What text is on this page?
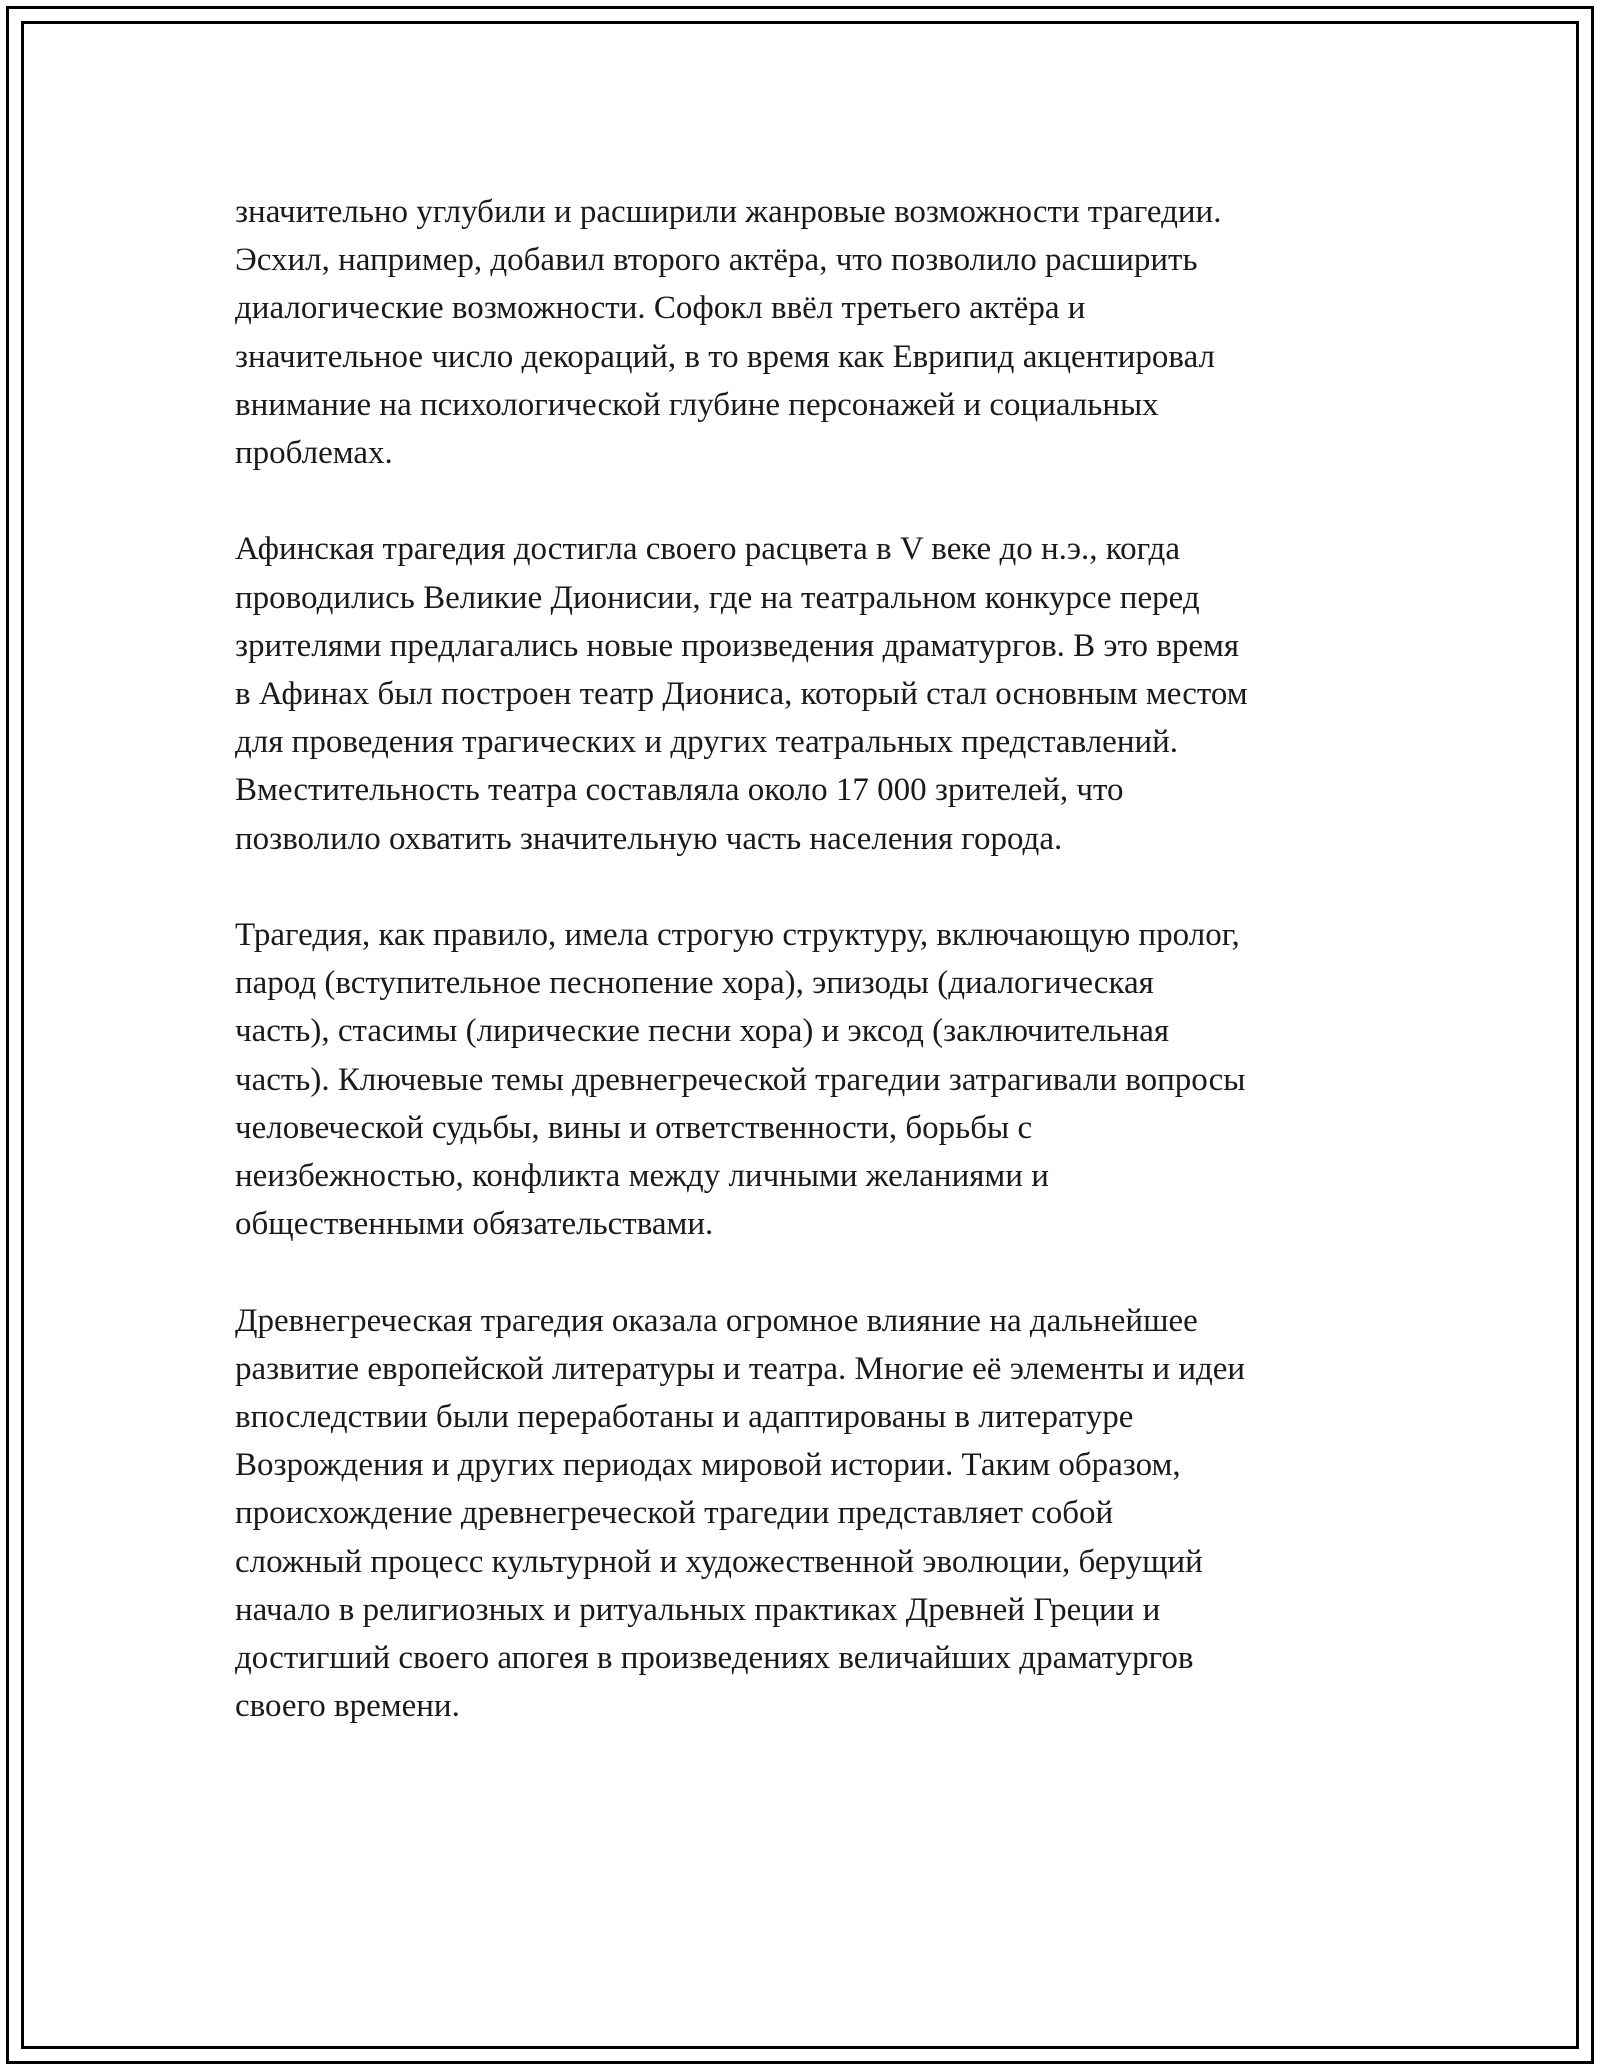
значительно углубили и расширили жанровые возможности трагедии.
Эсхил, например, добавил второго актёра, что позволило расширить
диалогические возможности. Софокл ввёл третьего актёра и
значительное число декораций, в то время как Еврипид акцентировал
внимание на психологической глубине персонажей и социальных
проблемах.

Афинская трагедия достигла своего расцвета в V веке до н.э., когда
проводились Великие Дионисии, где на театральном конкурсе перед
зрителями предлагались новые произведения драматургов. В это время
в Афинах был построен театр Диониса, который стал основным местом
для проведения трагических и других театральных представлений.
Вместительность театра составляла около 17 000 зрителей, что
позволило охватить значительную часть населения города.

Трагедия, как правило, имела строгую структуру, включающую пролог,
парод (вступительное песнопение хора), эпизоды (диалогическая
часть), стасимы (лирические песни хора) и эксод (заключительная
часть). Ключевые темы древнегреческой трагедии затрагивали вопросы
человеческой судьбы, вины и ответственности, борьбы с
неизбежностью, конфликта между личными желаниями и
общественными обязательствами.

Древнегреческая трагедия оказала огромное влияние на дальнейшее
развитие европейской литературы и театра. Многие её элементы и идеи
впоследствии были переработаны и адаптированы в литературе
Возрождения и других периодах мировой истории. Таким образом,
происхождение древнегреческой трагедии представляет собой
сложный процесс культурной и художественной эволюции, берущий
начало в религиозных и ритуальных практиках Древней Греции и
достигший своего апогея в произведениях величайших драматургов
своего времени.
